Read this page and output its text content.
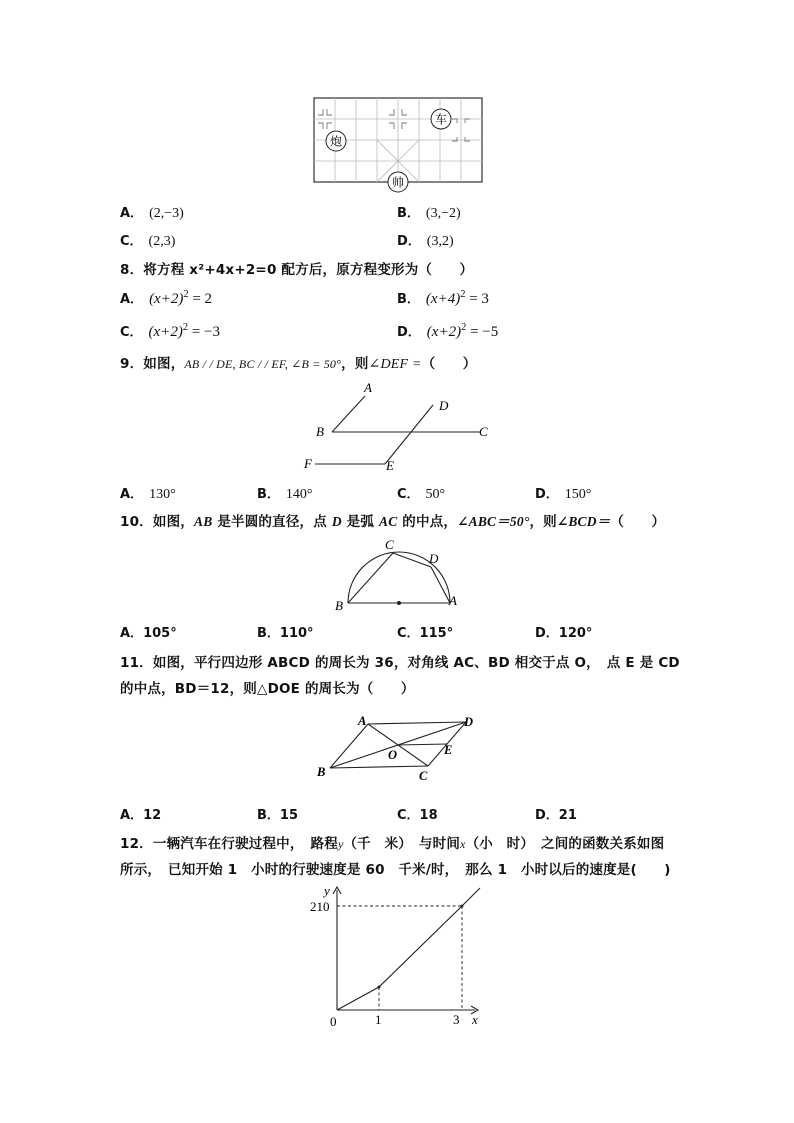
炮
车
帅
A． (2,−3)	B． (3,−2)
C． (2,3)	D． (3,2)
8．将方程 x²+4x+2=0 配方后，原方程变形为（　　）
A． $(x+2)^2 = 2$	B． $(x+4)^2 = 3$
C． $(x+2)^2 = -3$	D． $(x+2)^2 = -5$
9．如图，AB / / DE, BC / / EF, ∠B = 50°，则∠DEF =（　　）
A
B	C
D
E
F
A． 130°	B． 140°	C． 50°	D． 150°
10．如图，AB 是半圆的直径，点 D 是弧 AC 的中点，∠ABC＝50°，则∠BCD＝（　　）
C
D
B	A
A．105°	B．110°	C．115°	D．120°
11．如图，平行四边形 ABCD 的周长为 36，对角线 AC、BD 相交于点 O，　点 E 是 CD
的中点，BD＝12，则△DOE 的周长为（　　）
A	D
E
O
B	C
A．12	B．15	C．18	D．21
12．一辆汽车在行驶过程中，　路程y（千　米）　与时间x（小　时）　之间的函数关系如图
所示，　已知开始 1　小时的行驶速度是 60　千米/时，　那么 1　小时以后的速度是(　　)
y
x
0
210
1	3
